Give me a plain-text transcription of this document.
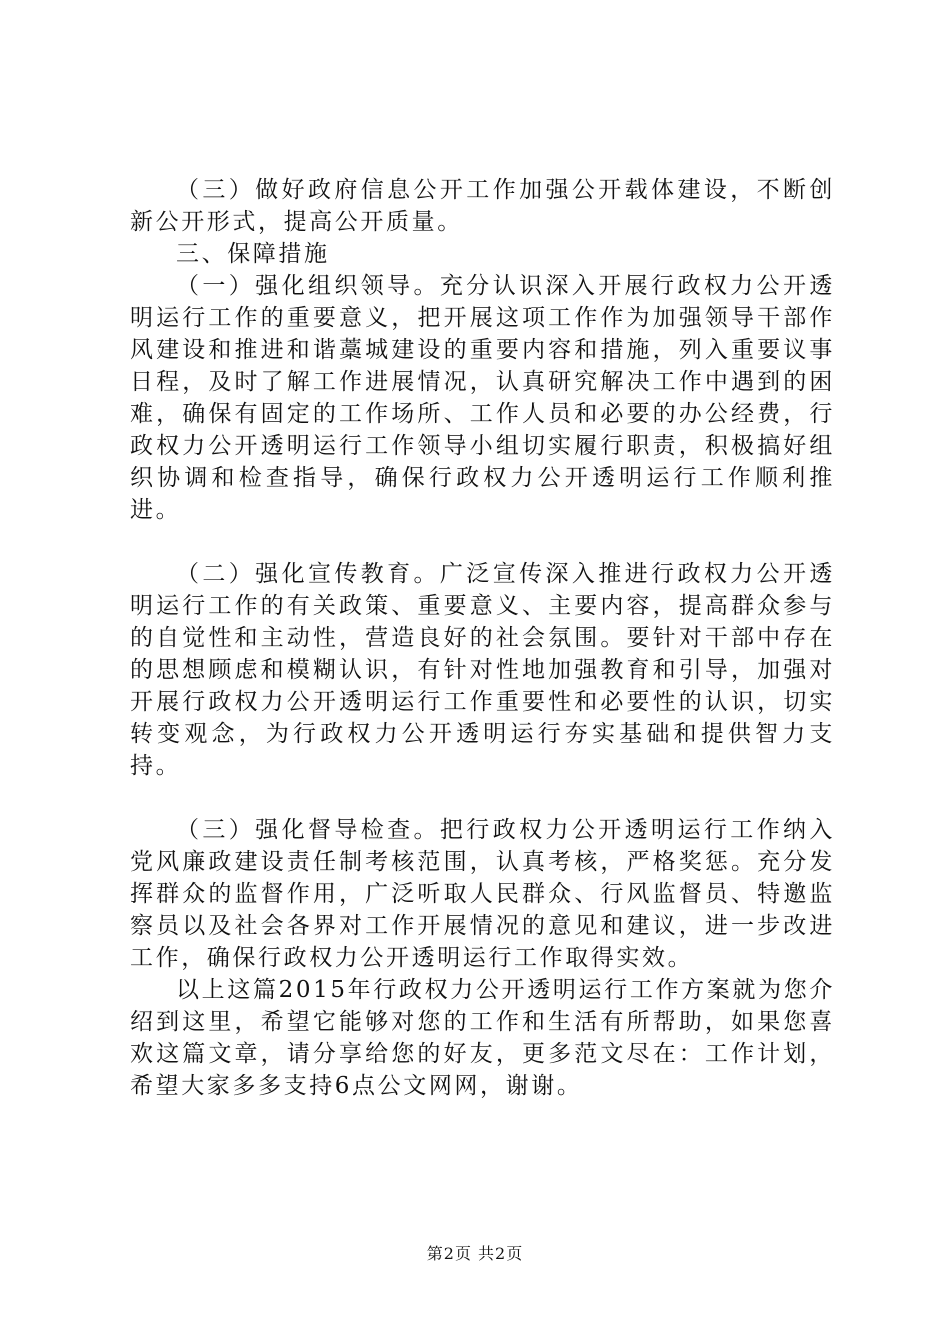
（三）做好政府信息公开工作加强公开载体建设，不断创新公开形式，提高公开质量。

三、保障措施

（一）强化组织领导。充分认识深入开展行政权力公开透明运行工作的重要意义，把开展这项工作作为加强领导干部作风建设和推进和谐藁城建设的重要内容和措施，列入重要议事日程，及时了解工作进展情况，认真研究解决工作中遇到的困难，确保有固定的工作场所、工作人员和必要的办公经费，行政权力公开透明运行工作领导小组切实履行职责，积极搞好组织协调和检查指导，确保行政权力公开透明运行工作顺利推进。

（二）强化宣传教育。广泛宣传深入推进行政权力公开透明运行工作的有关政策、重要意义、主要内容，提高群众参与的自觉性和主动性，营造良好的社会氛围。要针对干部中存在的思想顾虑和模糊认识，有针对性地加强教育和引导，加强对开展行政权力公开透明运行工作重要性和必要性的认识，切实转变观念，为行政权力公开透明运行夯实基础和提供智力支持。

（三）强化督导检查。把行政权力公开透明运行工作纳入党风廉政建设责任制考核范围，认真考核，严格奖惩。充分发挥群众的监督作用，广泛听取人民群众、行风监督员、特邀监察员以及社会各界对工作开展情况的意见和建议，进一步改进工作，确保行政权力公开透明运行工作取得实效。

以上这篇2015年行政权力公开透明运行工作方案就为您介绍到这里，希望它能够对您的工作和生活有所帮助，如果您喜欢这篇文章，请分享给您的好友，更多范文尽在：工作计划，希望大家多多支持6点公文网网，谢谢。

第2页 共2页
